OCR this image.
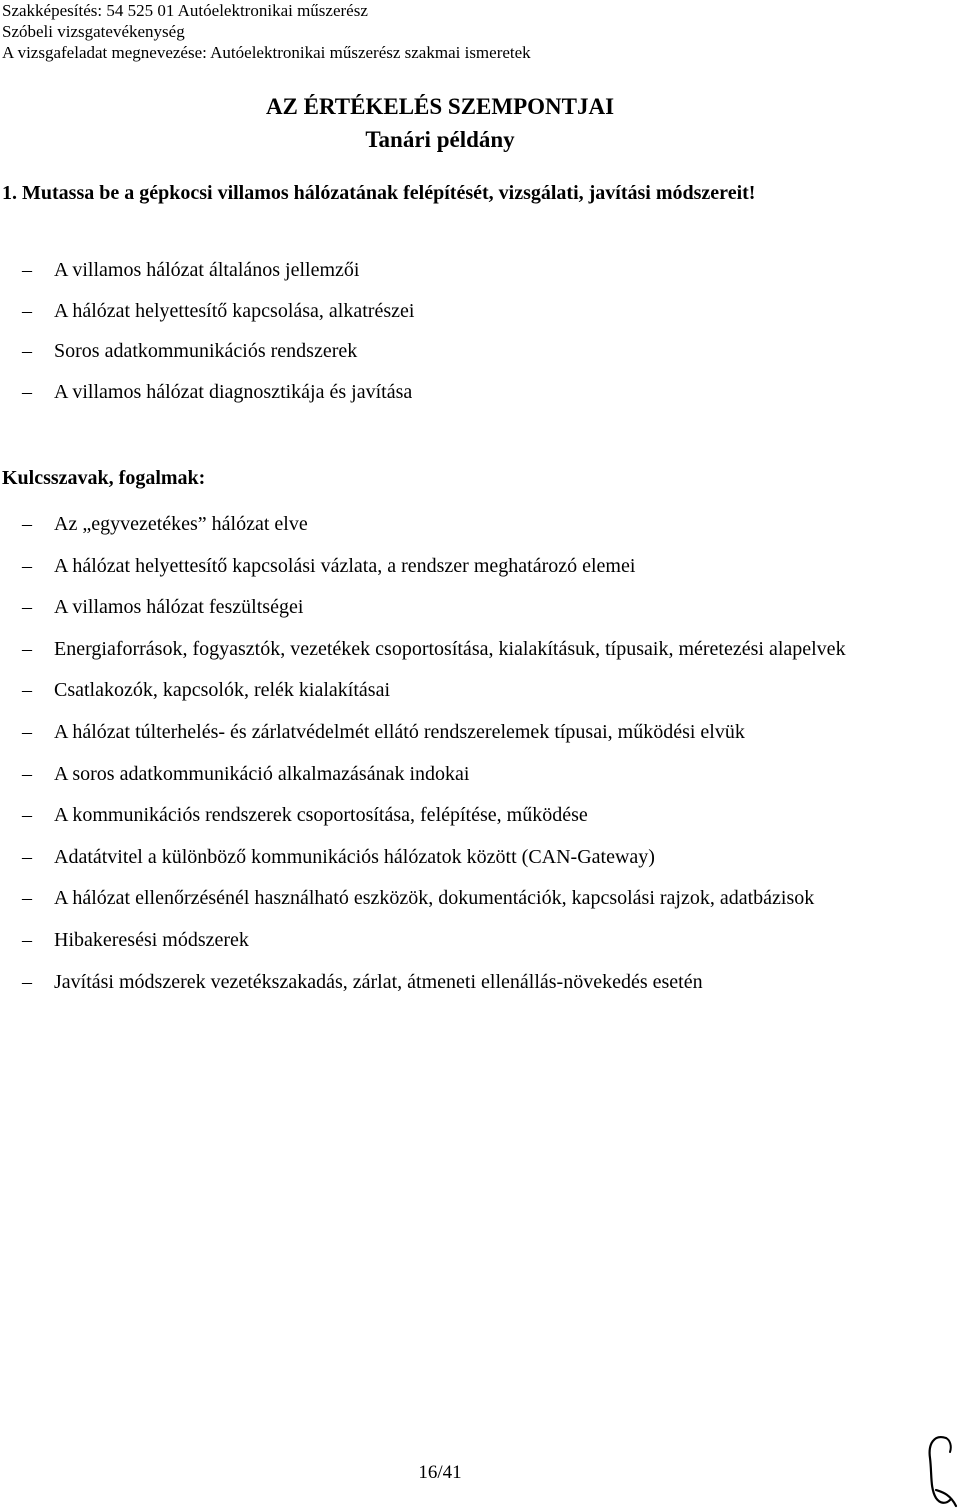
Szakképesítés: 54 525 01 Autóelektronikai műszerész
Szóbeli vizsgatevékenység
A vizsgafeladat megnevezése: Autóelektronikai műszerész szakmai ismeretek
AZ ÉRTÉKELÉS SZEMPONTJAI
Tanári példány
1. Mutassa be a gépkocsi villamos hálózatának felépítését, vizsgálati, javítási módszereit!
–	A villamos hálózat általános jellemzői
–	A hálózat helyettesítő kapcsolása, alkatrészei
–	Soros adatkommunikációs rendszerek
–	A villamos hálózat diagnosztikája és javítása
Kulcsszavak, fogalmak:
–	Az „egyvezetékes” hálózat elve
–	A hálózat helyettesítő kapcsolási vázlata, a rendszer meghatározó elemei
–	A villamos hálózat feszültségei
–	Energiaforrások, fogyasztók, vezetékek csoportosítása, kialakításuk, típusaik, méretezési alapelvek
–	Csatlakozók, kapcsolók, relék kialakításai
–	A hálózat túlterhelés- és zárlatvédelmét ellátó rendszerelemek típusai, működési elvük
–	A soros adatkommunikáció alkalmazásának indokai
–	A kommunikációs rendszerek csoportosítása, felépítése, működése
–	Adatátvitel a különböző kommunikációs hálózatok között (CAN-Gateway)
–	A hálózat ellenőrzésénél használható eszközök, dokumentációk, kapcsolási rajzok, adatbázisok
–	Hibakeresési módszerek
–	Javítási módszerek vezetékszakadás, zárlat, átmeneti ellenállás-növekedés esetén
16/41
